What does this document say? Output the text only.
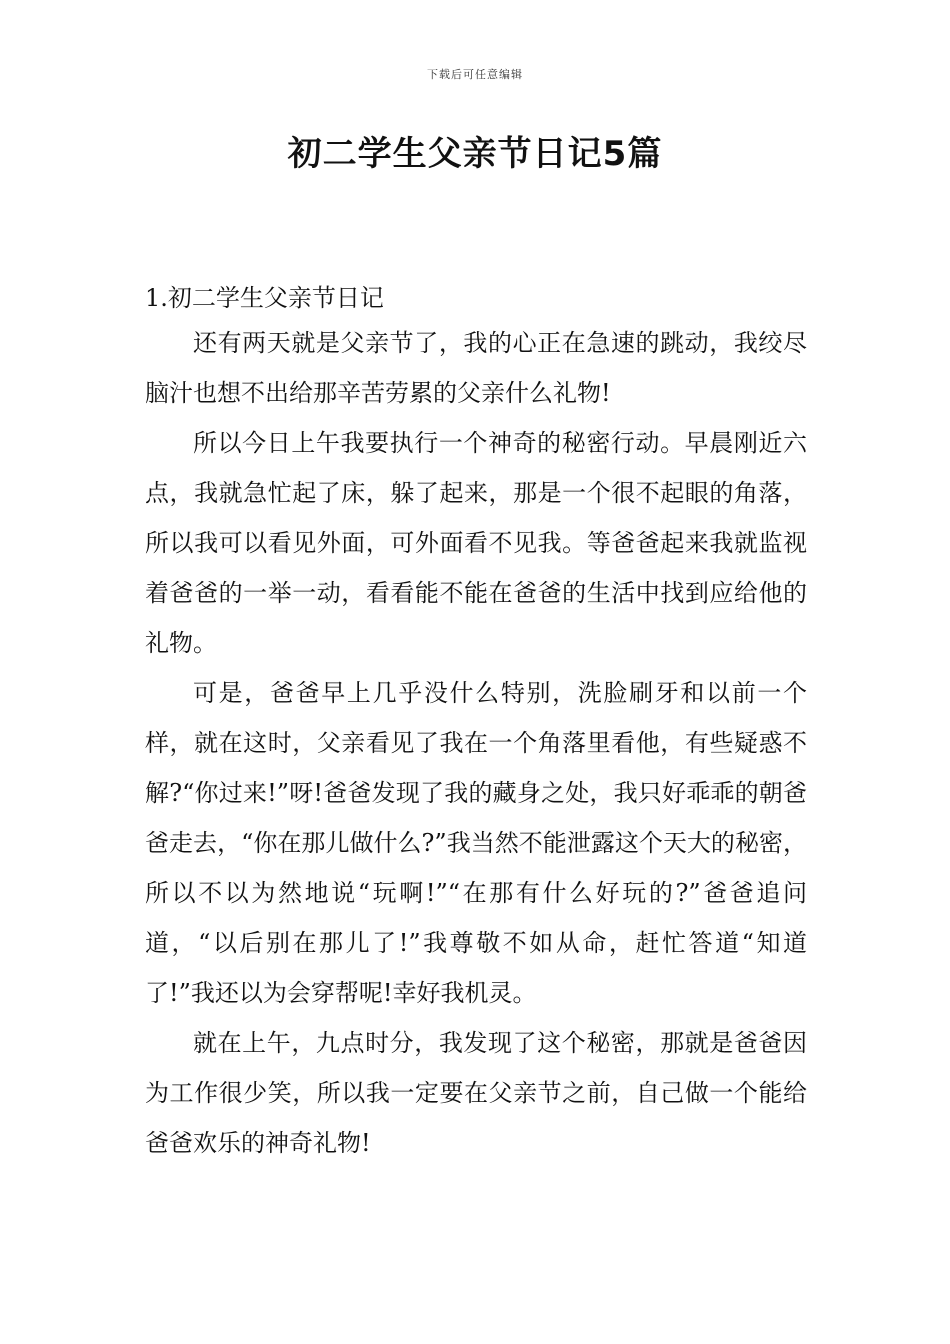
下载后可任意编辑
初二学生父亲节日记5篇

1.初二学生父亲节日记

还有两天就是父亲节了，我的心正在急速的跳动，我绞尽脑汁也想不出给那辛苦劳累的父亲什么礼物!

所以今日上午我要执行一个神奇的秘密行动。早晨刚近六点，我就急忙起了床，躲了起来，那是一个很不起眼的角落，所以我可以看见外面，可外面看不见我。等爸爸起来我就监视着爸爸的一举一动，看看能不能在爸爸的生活中找到应给他的礼物。

可是，爸爸早上几乎没什么特别，洗脸刷牙和以前一个样，就在这时，父亲看见了我在一个角落里看他，有些疑惑不解?“你过来!”呀!爸爸发现了我的藏身之处，我只好乖乖的朝爸爸走去，“你在那儿做什么?”我当然不能泄露这个天大的秘密，所以不以为然地说“玩啊!”“在那有什么好玩的?”爸爸追问道，“以后别在那儿了!”我尊敬不如从命，赶忙答道“知道了!”我还以为会穿帮呢!幸好我机灵。

就在上午，九点时分，我发现了这个秘密，那就是爸爸因为工作很少笑，所以我一定要在父亲节之前，自己做一个能给爸爸欢乐的神奇礼物!
